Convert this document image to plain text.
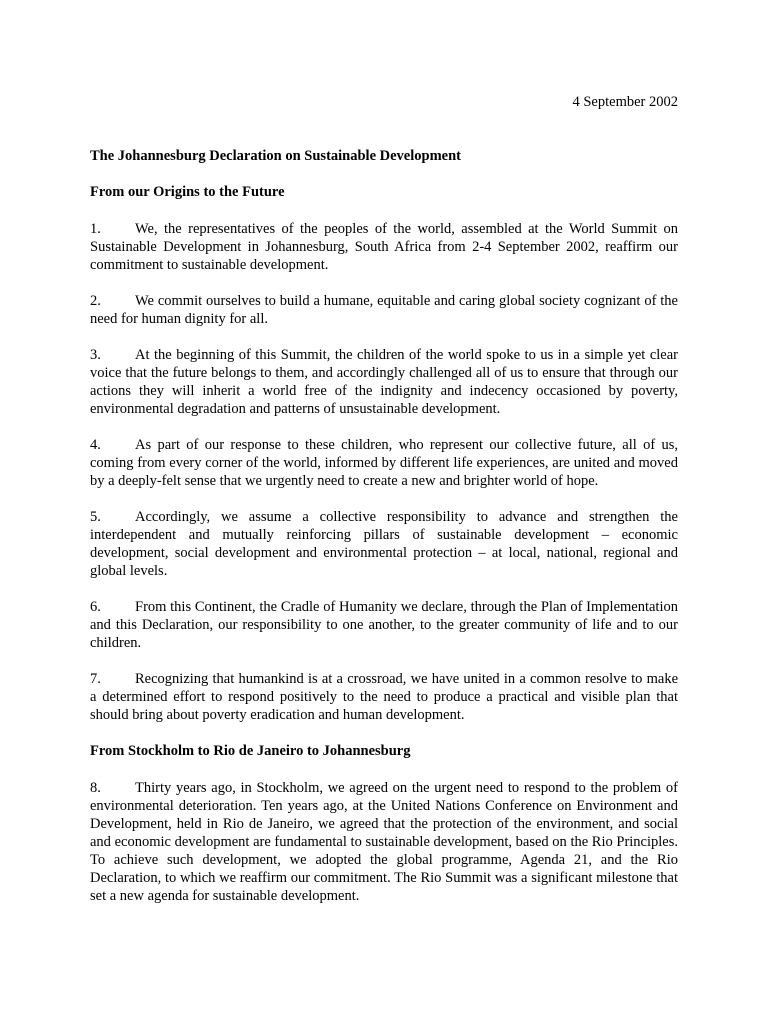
4 September 2002
The Johannesburg Declaration on Sustainable Development
From our Origins to the Future

1. We, the representatives of the peoples of the world, assembled at the World Summit on Sustainable Development in Johannesburg, South Africa from 2-4 September 2002, reaffirm our commitment to sustainable development.

2. We commit ourselves to build a humane, equitable and caring global society cognizant of the need for human dignity for all.

3. At the beginning of this Summit, the children of the world spoke to us in a simple yet clear voice that the future belongs to them, and accordingly challenged all of us to ensure that through our actions they will inherit a world free of the indignity and indecency occasioned by poverty, environmental degradation and patterns of unsustainable development.

4. As part of our response to these children, who represent our collective future, all of us, coming from every corner of the world, informed by different life experiences, are united and moved by a deeply-felt sense that we urgently need to create a new and brighter world of hope.

5. Accordingly, we assume a collective responsibility to advance and strengthen the interdependent and mutually reinforcing pillars of sustainable development – economic development, social development and environmental protection – at local, national, regional and global levels.

6. From this Continent, the Cradle of Humanity we declare, through the Plan of Implementation and this Declaration, our responsibility to one another, to the greater community of life and to our children.

7. Recognizing that humankind is at a crossroad, we have united in a common resolve to make a determined effort to respond positively to the need to produce a practical and visible plan that should bring about poverty eradication and human development.

From Stockholm to Rio de Janeiro to Johannesburg

8. Thirty years ago, in Stockholm, we agreed on the urgent need to respond to the problem of environmental deterioration. Ten years ago, at the United Nations Conference on Environment and Development, held in Rio de Janeiro, we agreed that the protection of the environment, and social and economic development are fundamental to sustainable development, based on the Rio Principles. To achieve such development, we adopted the global programme, Agenda 21, and the Rio Declaration, to which we reaffirm our commitment. The Rio Summit was a significant milestone that set a new agenda for sustainable development.
